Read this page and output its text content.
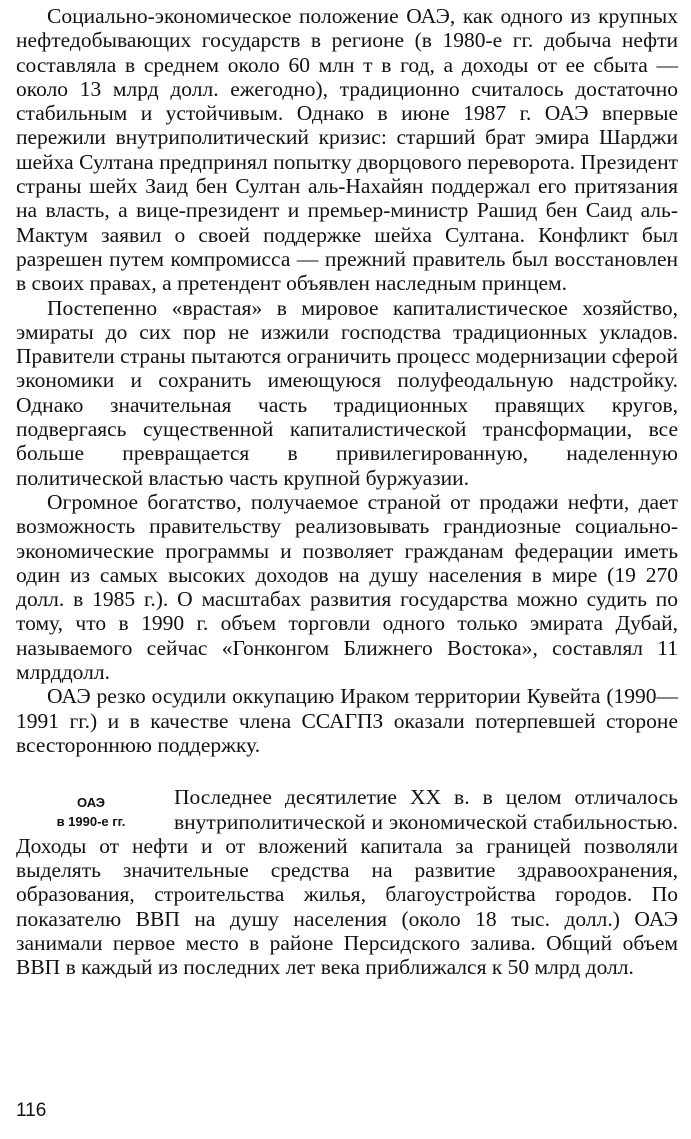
Социально-экономическое положение ОАЭ, как одного из крупных нефтедобывающих государств в регионе (в 1980-е гг. добыча нефти составляла в среднем около 60 млн т в год, а доходы от ее сбыта — около 13 млрд долл. ежегодно), традиционно считалось достаточно стабильным и устойчивым. Однако в июне 1987 г. ОАЭ впервые пережили внутриполитический кризис: старший брат эмира Шарджи шейха Султана предпринял попытку дворцового переворота. Президент страны шейх Заид бен Султан аль-Нахайян поддержал его притязания на власть, а вице-президент и премьер-министр Рашид бен Саид аль-Мактум заявил о своей поддержке шейха Султана. Конфликт был разрешен путем компромисса — прежний правитель был восстановлен в своих правах, а претендент объявлен наследным принцем.

Постепенно «врастая» в мировое капиталистическое хозяйство, эмираты до сих пор не изжили господства традиционных укладов. Правители страны пытаются ограничить процесс модернизации сферой экономики и сохранить имеющуюся полуфеодальную надстройку. Однако значительная часть традиционных правящих кругов, подвергаясь существенной капиталистической трансформации, все больше превращается в привилегированную, наделенную политической властью часть крупной буржуазии.

Огромное богатство, получаемое страной от продажи нефти, дает возможность правительству реализовывать грандиозные социально-экономические программы и позволяет гражданам федерации иметь один из самых высоких доходов на душу населения в мире (19 270 долл. в 1985 г.). О масштабах развития государства можно судить по тому, что в 1990 г. объем торговли одного только эмирата Дубай, называемого сейчас «Гонконгом Ближнего Востока», составлял 11 млрддолл.

ОАЭ резко осудили оккупацию Ираком территории Кувейта (1990—1991 гг.) и в качестве члена ССАГПЗ оказали потерпевшей стороне всестороннюю поддержку.

ОАЭ
в 1990-е гг.

Последнее десятилетие XX в. в целом отличалось внутриполитической и экономической стабильностью. Доходы от нефти и от вложений капитала за границей позволяли выделять значительные средства на развитие здравоохранения, образования, строительства жилья, благоустройства городов. По показателю ВВП на душу населения (около 18 тыс. долл.) ОАЭ занимали первое место в районе Персидского залива. Общий объем ВВП в каждый из последних лет века приближался к 50 млрд долл.

116
